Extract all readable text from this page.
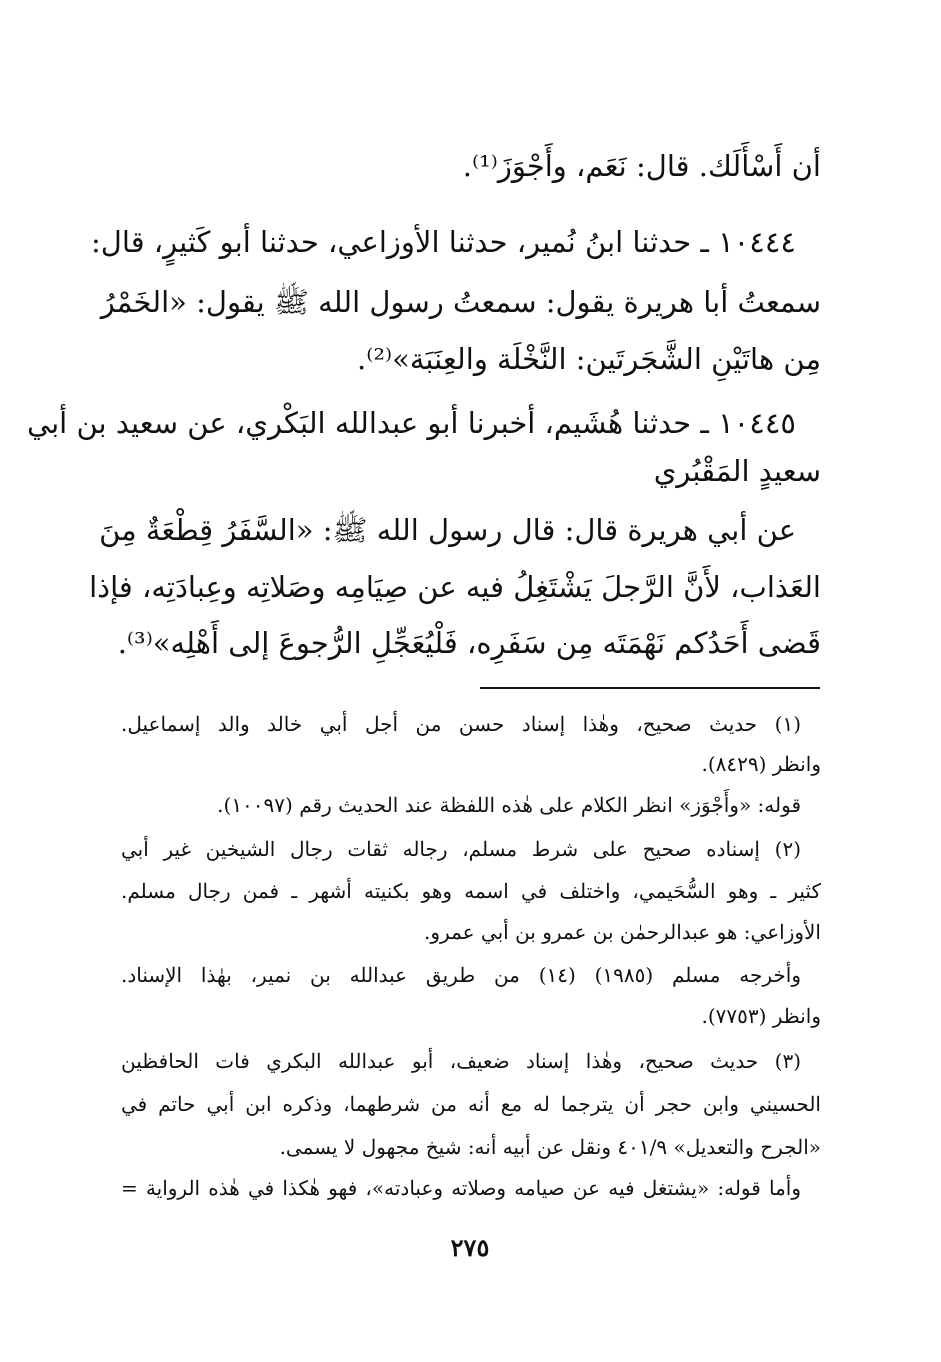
أن أَسْأَلَك. قال: نَعَم، وأَجْوَزَ⁽¹⁾.
١٠٤٤٤ ـ حدثنا ابنُ نُمير، حدثنا الأوزاعي، حدثنا أبو كَثيرٍ، قال:
سمعتُ أبا هريرة يقول: سمعتُ رسول الله ﷺ يقول: «الخَمْرُ
مِن هاتَيْنِ الشَّجَرتَين: النَّخْلَة والعِنَبَة»⁽²⁾.
١٠٤٤٥ ـ حدثنا هُشَيم، أخبرنا أبو عبدالله البَكْري، عن سعيد بن أبي
سعيدٍ المَقْبُري
عن أبي هريرة قال: قال رسول الله ﷺ: «السَّفَرُ قِطْعَةٌ مِنَ
العَذاب، لأَنَّ الرَّجلَ يَشْتَغِلُ فيه عن صِيَامِه وصَلاتِه وعِبادَتِه، فإذا
قَضى أَحَدُكم نَهْمَتَه مِن سَفَرِه، فَلْيُعَجِّلِ الرُّجوعَ إلى أَهْلِه»⁽³⁾.
(١) حديث صحيح، وهٰذا إسناد حسن من أجل أبي خالد والد إسماعيل.
وانظر (٨٤٢٩).
قوله: «وأَجْوَز» انظر الكلام على هٰذه اللفظة عند الحديث رقم (١٠٠٩٧).
(٢) إسناده صحيح على شرط مسلم، رجاله ثقات رجال الشيخين غير أبي
كثير ـ وهو السُّحَيمي، واختلف في اسمه وهو بكنيته أشهر ـ فمن رجال مسلم.
الأوزاعي: هو عبدالرحمٰن بن عمرو بن أبي عمرو.
وأخرجه مسلم (١٩٨٥) (١٤) من طريق عبدالله بن نمير، بهٰذا الإسناد.
وانظر (٧٧٥٣).
(٣) حديث صحيح، وهٰذا إسناد ضعيف، أبو عبدالله البكري فات الحافظين
الحسيني وابن حجر أن يترجما له مع أنه من شرطهما، وذكره ابن أبي حاتم في
«الجرح والتعديل» ٤٠١/٩ ونقل عن أبيه أنه: شيخ مجهول لا يسمى.
وأما قوله: «يشتغل فيه عن صيامه وصلاته وعبادته»، فهو هٰكذا في هٰذه الرواية =
٢٧٥
